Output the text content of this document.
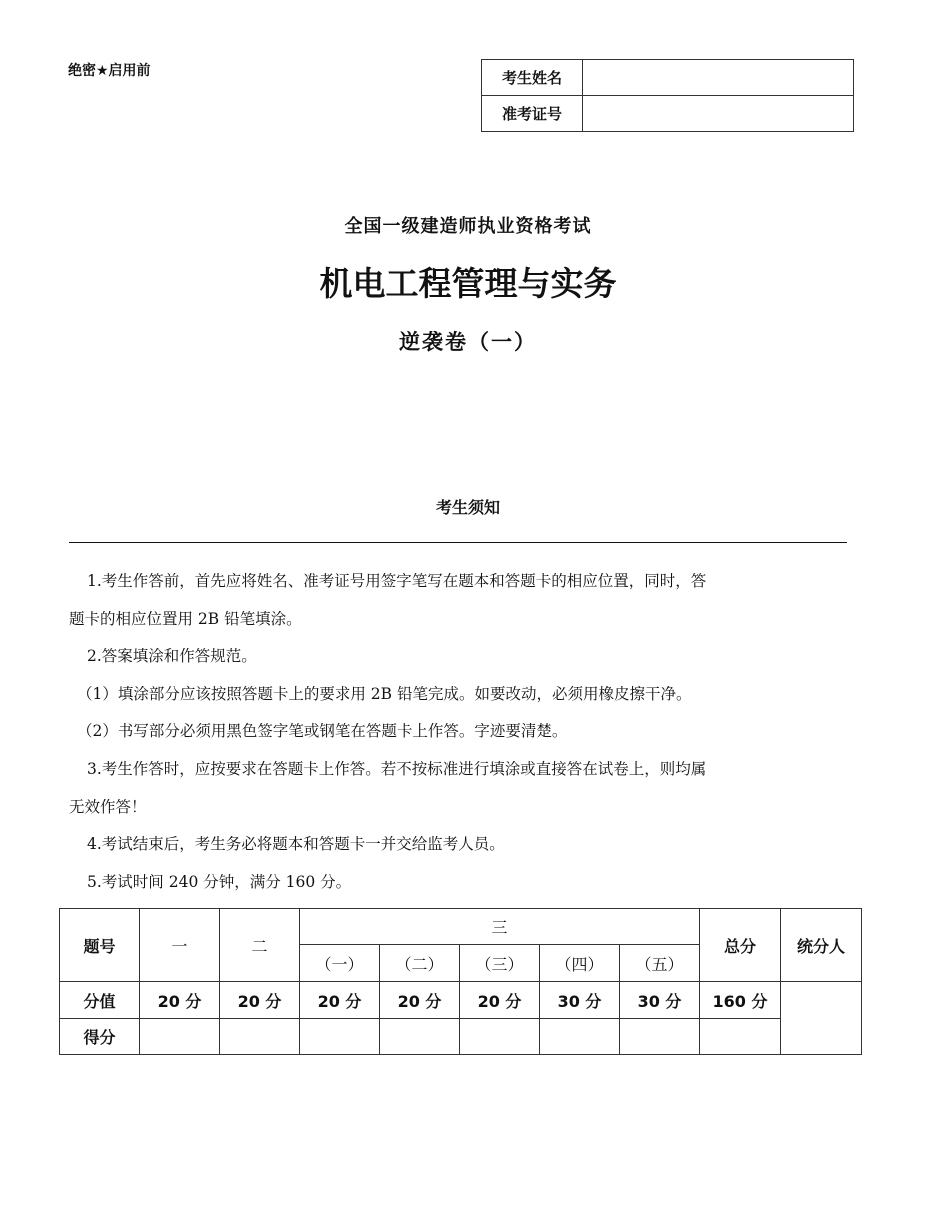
绝密★启用前	考生姓名	
准考证号	
全国一级建造师执业资格考试
机电工程管理与实务
逆袭卷（一）
考生须知

1.考生作答前，首先应将姓名、准考证号用签字笔写在题本和答题卡的相应位置，同时，答

题卡的相应位置用 2B 铅笔填涂。

2.答案填涂和作答规范。

（1）填涂部分应该按照答题卡上的要求用 2B 铅笔完成。如要改动，必须用橡皮擦干净。

（2）书写部分必须用黑色签字笔或钢笔在答题卡上作答。字迹要清楚。

3.考生作答时，应按要求在答题卡上作答。若不按标准进行填涂或直接答在试卷上，则均属

无效作答！

4.考试结束后，考生务必将题本和答题卡一并交给监考人员。

5.考试时间 240 分钟，满分 160 分。

题号	一	二	三					总分	统分人
			（一）	（二）	（三）	（四）	（五）		
分值	20 分	20 分	20 分	20 分	20 分	30 分	30 分	160 分	
得分									
